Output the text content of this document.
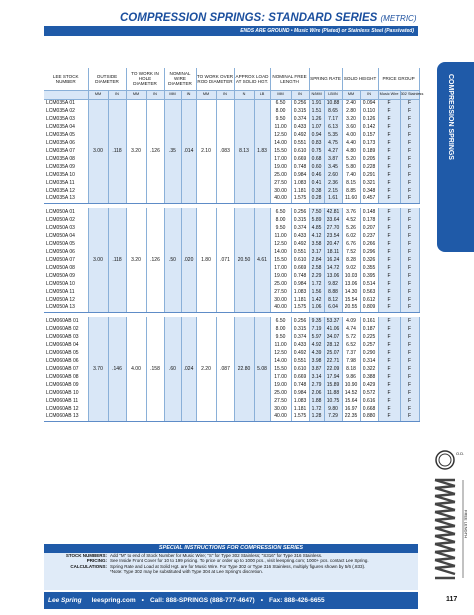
COMPRESSION SPRINGS: STANDARD SERIES (METRIC)
ENDS ARE GROUND • Music Wire (Plated) or Stainless Steel (Passivated)
COMPRESSION SPRINGS
LEE STOCK NUMBER	OUTSIDE DIAMETER		TO WORK IN HOLE DIAMETER		NOMINAL WIRE DIAMETER		TO WORK OVER ROD DIAMETER		APPROX LOAD AT SOLID HGT.		NOMINAL FREE LENGTH		SPRING RATE		SOLID HEIGHT		PRICE GROUP	
	MM	IN	MM	IN	MM	IN	MM	IN	N	LB	MM	IN	N/MM	LB/IN	MM	IN	Music Wire	302 Stainless
LCM035A 01											6.50	0.256	1.91	10.88	2.40	0.094	F	F
LCM035A 02											8.00	0.315	1.51	8.65	2.80	0.110	F	F
LCM035A 03											9.50	0.374	1.26	7.17	3.20	0.126	F	F
LCM035A 04											11.00	0.433	1.07	6.13	3.60	0.142	F	F
LCM035A 05											12.50	0.492	0.94	5.35	4.00	0.157	F	F
LCM035A 06											14.00	0.551	0.83	4.75	4.40	0.173	F	F
LCM035A 07	3.00	.118	3.20	.126	.35	.014	2.10	.083	8.13	1.83	15.50	0.610	0.75	4.27	4.80	0.189	F	F
LCM035A 08											17.00	0.669	0.68	3.87	5.20	0.205	F	F
LCM035A 09											19.00	0.748	0.60	3.45	5.80	0.228	F	F
LCM035A 10											25.00	0.984	0.46	2.60	7.40	0.291	F	F
LCM035A 11											27.50	1.083	0.41	2.36	8.15	0.321	F	F
LCM035A 12											30.00	1.181	0.38	2.15	8.85	0.348	F	F
LCM035A 13											40.00	1.575	0.28	1.61	11.60	0.457	F	F

LCM050A 01											6.50	0.256	7.50	42.81	3.76	0.148	F	F
LCM050A 02											8.00	0.315	5.89	33.64	4.52	0.178	F	F
LCM050A 03											9.50	0.374	4.85	27.70	5.26	0.207	F	F
LCM050A 04											11.00	0.433	4.12	23.54	6.02	0.237	F	F
LCM050A 05											12.50	0.492	3.58	20.47	6.76	0.266	F	F
LCM050A 06											14.00	0.551	3.17	18.11	7.52	0.296	F	F
LCM050A 07	3.00	.118	3.20	.126	.50	.020	1.80	.071	20.50	4.61	15.50	0.610	2.84	16.24	8.28	0.326	F	F
LCM050A 08											17.00	0.669	2.58	14.72	9.02	0.355	F	F
LCM050A 09											19.00	0.748	2.29	13.06	10.03	0.395	F	F
LCM050A 10											25.00	0.984	1.72	9.82	13.06	0.514	F	F
LCM050A 11											27.50	1.083	1.56	8.88	14.30	0.563	F	F
LCM050A 12											30.00	1.181	1.42	8.12	15.54	0.612	F	F
LCM050A 13											40.00	1.575	1.06	6.04	20.55	0.809	F	F

LCM060AB 01											6.50	0.256	9.35	53.37	4.09	0.161	F	F
LCM060AB 02											8.00	0.315	7.19	41.06	4.74	0.187	F	F
LCM060AB 03											9.50	0.374	5.97	34.07	5.72	0.225	F	F
LCM060AB 04											11.00	0.433	4.92	28.12	6.52	0.257	F	F
LCM060AB 05											12.50	0.492	4.39	25.07	7.37	0.290	F	F
LCM060AB 06											14.00	0.551	3.98	22.71	7.98	0.314	F	F
LCM060AB 07	3.70	.146	4.00	.158	.60	.024	2.20	.087	22.80	5.08	15.50	0.610	3.87	22.09	8.18	0.322	F	F
LCM060AB 08											17.00	0.669	3.14	17.94	9.86	0.388	F	F
LCM060AB 09											19.00	0.748	2.79	15.89	10.90	0.429	F	F
LCM060AB 10											25.00	0.984	2.06	11.88	14.52	0.572	F	F
LCM060AB 11											27.50	1.083	1.88	10.75	15.64	0.616	F	F
LCM060AB 12											30.00	1.181	1.72	9.80	16.97	0.668	F	F
LCM060AB 13											40.00	1.575	1.28	7.29	22.35	0.880	F	F
O.D.
FREE LENGTH
SPECIAL INSTRUCTIONS FOR COMPRESSION SERIES
STOCK NUMBERS: Add "M" to end of Stock Number for Music Wire; "S" for Type 302 Stainless; "S316" for Type 316 Stainless.
PRICING: See Inside Front Cover for 10 to 199 pricing. To price or order up to 1000 pcs., visit leespring.com; 1000+ pcs. contact Lee Spring.
CALCULATIONS: Spring Rate and Load at Solid Hgt. are for Music Wire. For Type 302 or Type 316 Stainless, multiply figures shown by 5/6 (.833).
*Note: Type 302 may be substituted with Type 304 at Lee Spring's discretion.
Lee Spring leespring.com • Call: 888-SPRINGS (888-777-4647) • Fax: 888-426-6655	117
